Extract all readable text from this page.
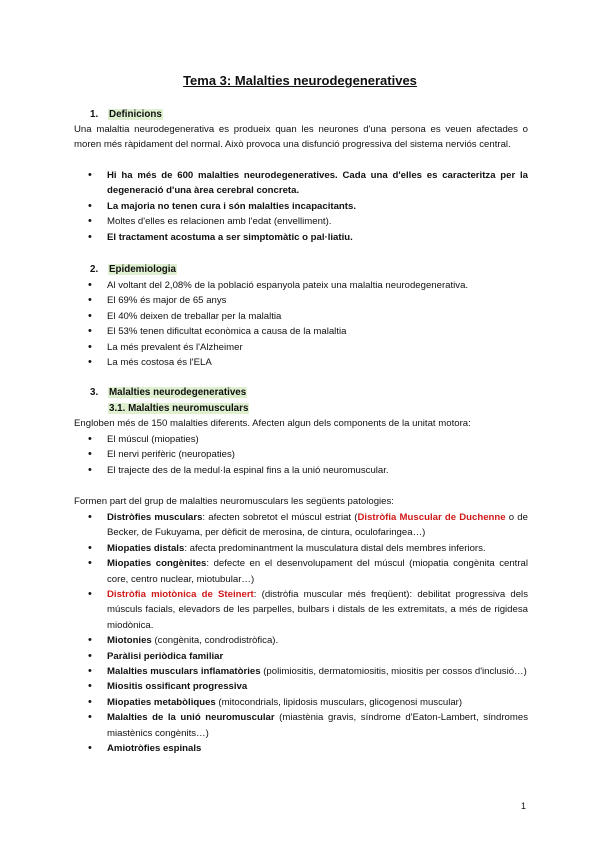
Tema 3: Malalties neurodegeneratives
1. Definicions
Una malaltia neurodegenerativa es produeix quan les neurones d'una persona es veuen afectades o moren més ràpidament del normal. Això provoca una disfunció progressiva del sistema nerviós central.
• Hi ha més de 600 malalties neurodegeneratives. Cada una d'elles es caracteritza per la degeneració d'una àrea cerebral concreta.
• La majoria no tenen cura i són malalties incapacitants.
• Moltes d'elles es relacionen amb l'edat (envelliment).
• El tractament acostuma a ser simptomàtic o pal·liatiu.
2. Epidemiologia
• Al voltant del 2,08% de la població espanyola pateix una malaltia neurodegenerativa.
• El 69% és major de 65 anys
• El 40% deixen de treballar per la malaltia
• El 53% tenen dificultat econòmica a causa de la malaltia
• La més prevalent és l'Alzheimer
• La més costosa és l'ELA
3. Malalties neurodegeneratives
3.1. Malalties neuromusculars
Engloben més de 150 malalties diferents. Afecten algun dels components de la unitat motora:
• El múscul (miopaties)
• El nervi perifèric (neuropaties)
• El trajecte des de la medul·la espinal fins a la unió neuromuscular.
Formen part del grup de malalties neuromusculars les següents patologies:
• Distròfies musculars: afecten sobretot el múscul estriat (Distròfia Muscular de Duchenne o de Becker, de Fukuyama, per dèficit de merosina, de cintura, oculofaringea…)
• Miopaties distals: afecta predominantment la musculatura distal dels membres inferiors.
• Miopaties congènites: defecte en el desenvolupament del múscul (miopatia congènita central core, centro nuclear, miotubular…)
• Distròfia miotònica de Steinert: (distròfia muscular més freqüent): debilitat progressiva dels músculs facials, elevadors de les parpelles, bulbars i distals de les extremitats, a més de rigidesa miodònica.
• Miotonies (congènita, condrodistròfica).
• Paràlisi periòdica familiar
• Malalties musculars inflamatòries (polimiositis, dermatomiositis, miositis per cossos d'inclusió…)
• Miositis ossificant progressiva
• Miopaties metabòliques (mitocondrials, lipidosis musculars, glicogenosi muscular)
• Malalties de la unió neuromuscular (miastènia gravis, síndrome d'Eaton-Lambert, síndromes miastènics congènits…)
• Amiotròfies espinals
1
